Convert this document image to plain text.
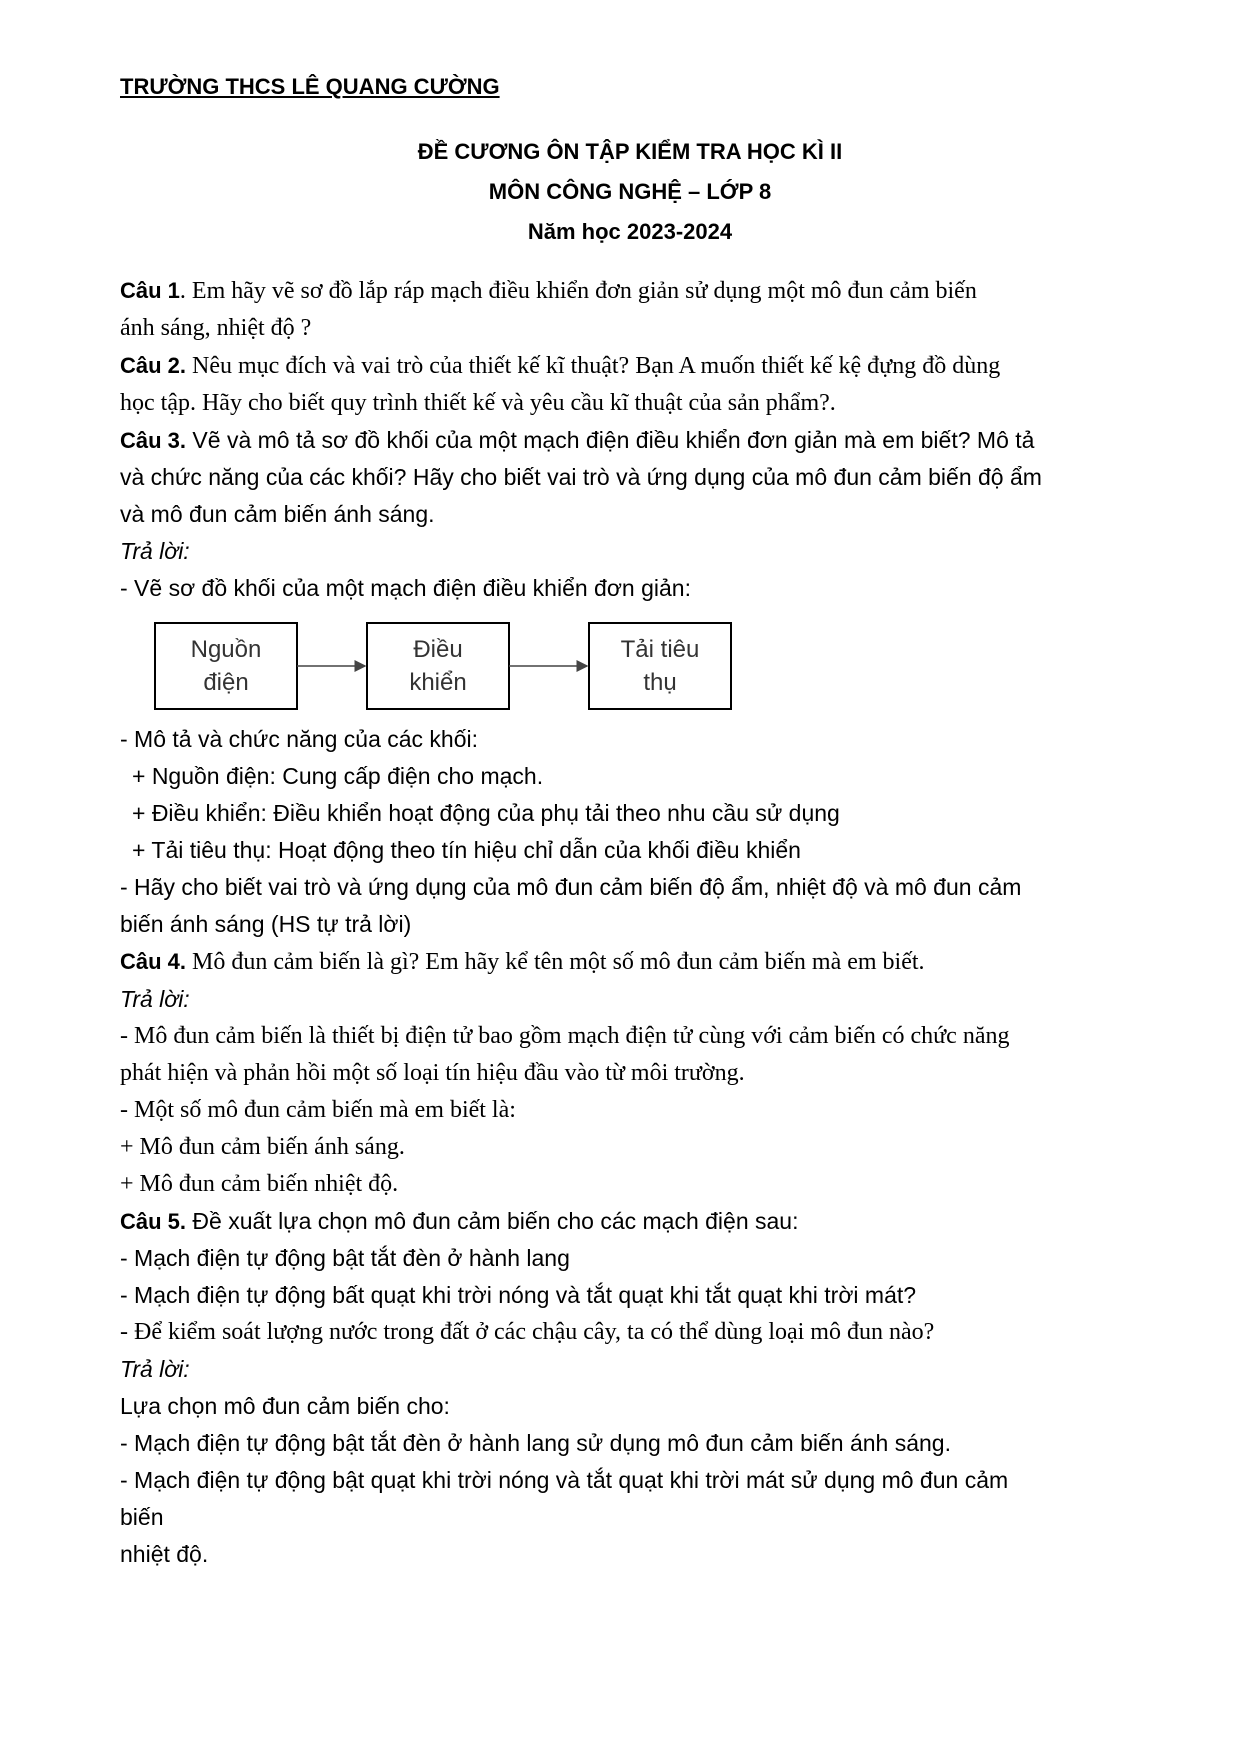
TRƯỜNG THCS LÊ QUANG CƯỜNG
ĐỀ CƯƠNG ÔN TẬP KIỂM TRA HỌC KÌ II
MÔN CÔNG NGHỆ – LỚP 8
Năm học 2023-2024
Câu 1. Em hãy vẽ sơ đồ lắp ráp mạch điều khiển đơn giản sử dụng một mô đun cảm biến
ánh sáng, nhiệt độ ?
Câu 2. Nêu mục đích và vai trò của thiết kế kĩ thuật? Bạn A muốn thiết kế kệ đựng đồ dùng
học tập. Hãy cho biết quy trình thiết kế và yêu cầu kĩ thuật của sản phẩm?.
Câu 3. Vẽ và mô tả sơ đồ khối của một mạch điện điều khiển đơn giản mà em biết? Mô tả
và chức năng của các khối? Hãy cho biết vai trò và ứng dụng của mô đun cảm biến độ ẩm
và mô đun cảm biến ánh sáng.
Trả lời:
- Vẽ sơ đồ khối của một mạch điện điều khiển đơn giản:
Nguồn
điện
Điều
khiển
Tải tiêu
thụ
- Mô tả và chức năng của các khối:
+ Nguồn điện: Cung cấp điện cho mạch.
+ Điều khiển: Điều khiển hoạt động của phụ tải theo nhu cầu sử dụng
+ Tải tiêu thụ: Hoạt động theo tín hiệu chỉ dẫn của khối điều khiển
- Hãy cho biết vai trò và ứng dụng của mô đun cảm biến độ ẩm, nhiệt độ và mô đun cảm
biến ánh sáng (HS tự trả lời)
Câu 4. Mô đun cảm biến là gì? Em hãy kể tên một số mô đun cảm biến mà em biết.
Trả lời:
- Mô đun cảm biến là thiết bị điện tử bao gồm mạch điện tử cùng với cảm biến có chức năng
phát hiện và phản hồi một số loại tín hiệu đầu vào từ môi trường.
- Một số mô đun cảm biến mà em biết là:
+ Mô đun cảm biến ánh sáng.
+ Mô đun cảm biến nhiệt độ.
Câu 5. Đề xuất lựa chọn mô đun cảm biến cho các mạch điện sau:
- Mạch điện tự động bật tắt đèn ở hành lang
- Mạch điện tự động bất quạt khi trời nóng và tắt quạt khi tắt quạt khi trời mát?
- Để kiểm soát lượng nước trong đất ở các chậu cây, ta có thể dùng loại mô đun nào?
Trả lời:
Lựa chọn mô đun cảm biến cho:
- Mạch điện tự động bật tắt đèn ở hành lang sử dụng mô đun cảm biến ánh sáng.
- Mạch điện tự động bật quạt khi trời nóng và tắt quạt khi trời mát sử dụng mô đun cảm
biến
nhiệt độ.
